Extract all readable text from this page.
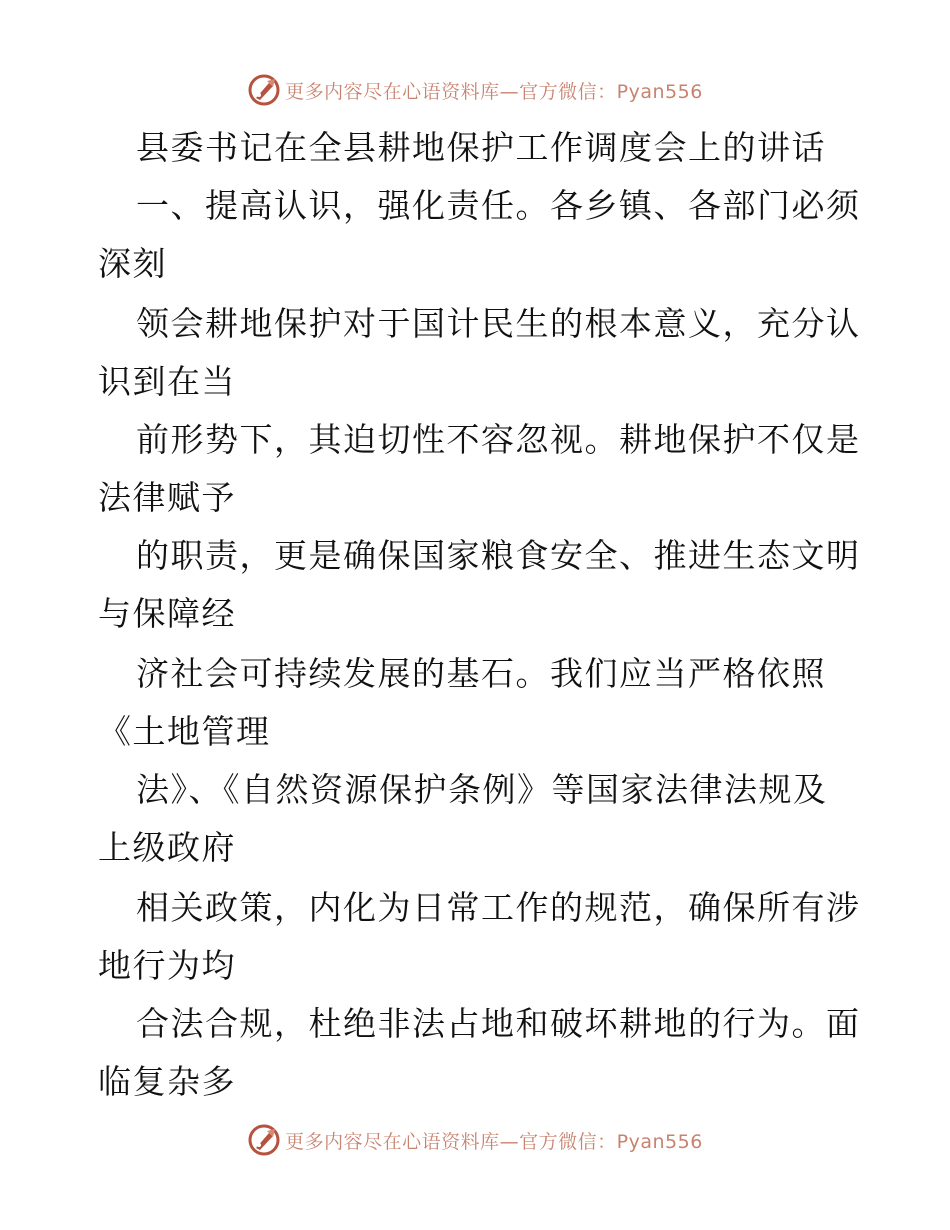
更多内容尽在心语资料库—官方微信：Pyan556
县委书记在全县耕地保护工作调度会上的讲话
一、提高认识，强化责任。各乡镇、各部门必须
深刻
领会耕地保护对于国计民生的根本意义，充分认
识到在当
前形势下，其迫切性不容忽视。耕地保护不仅是
法律赋予
的职责，更是确保国家粮食安全、推进生态文明
与保障经
济社会可持续发展的基石。我们应当严格依照
《土地管理
法》、《自然资源保护条例》等国家法律法规及
上级政府
相关政策，内化为日常工作的规范，确保所有涉
地行为均
合法合规，杜绝非法占地和破坏耕地的行为。面
临复杂多
更多内容尽在心语资料库—官方微信：Pyan556
